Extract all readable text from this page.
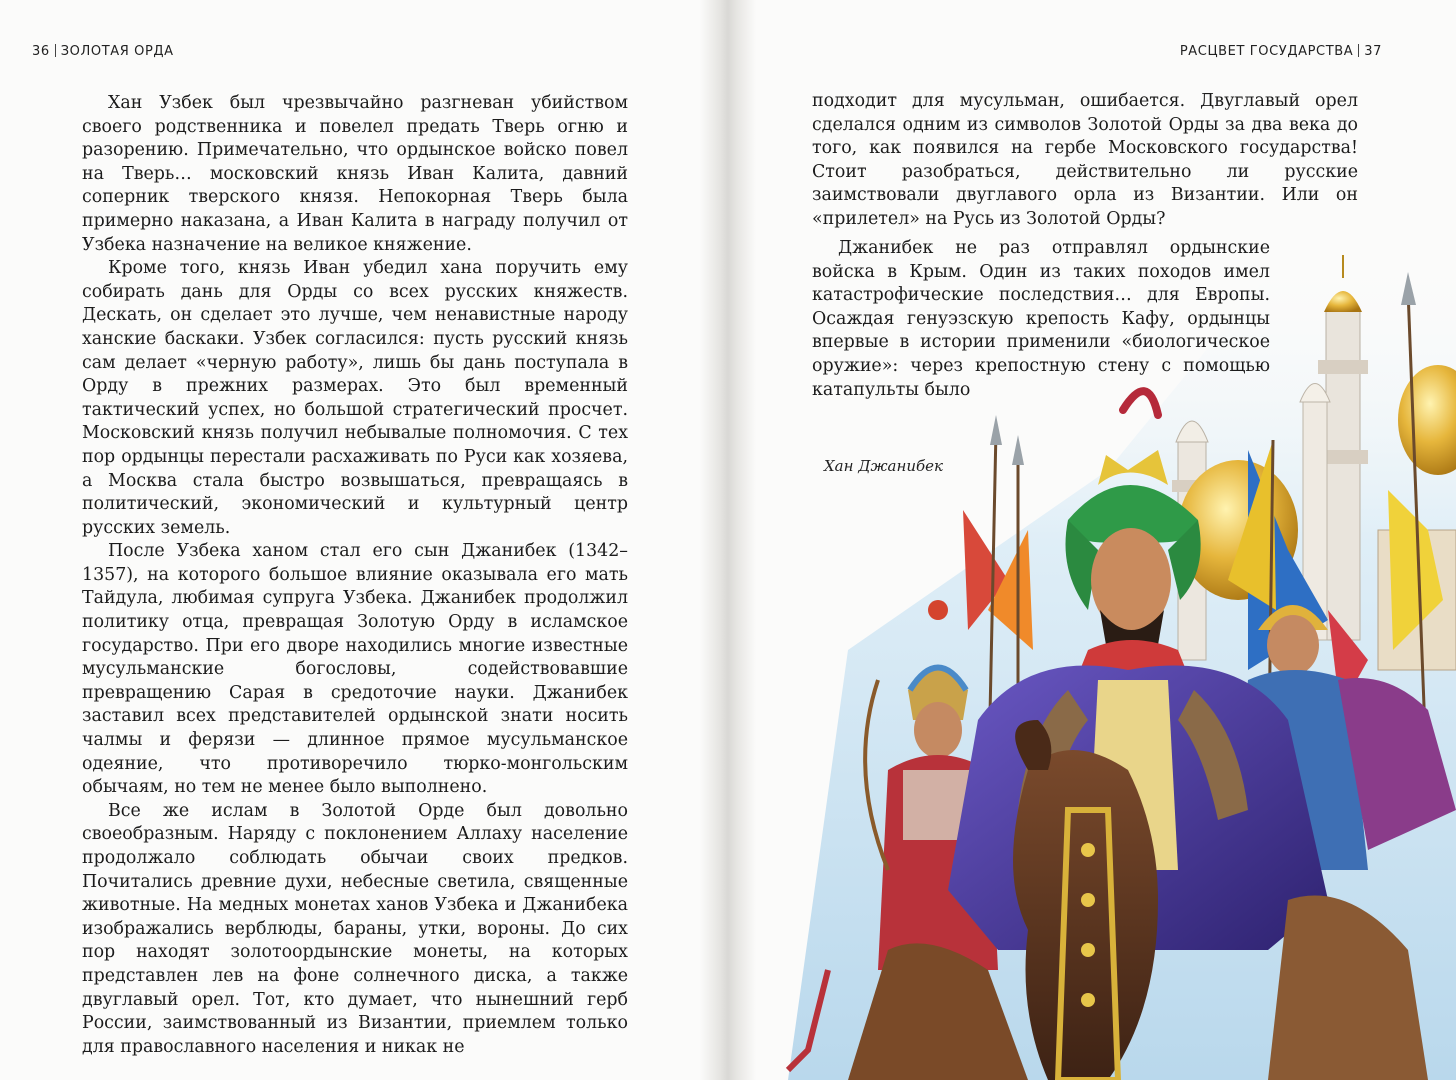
36 ЗОЛОТАЯ ОРДА	РАСЦВЕТ ГОСУДАРСТВА 37

Хан Узбек был чрезвычайно разгневан убийством своего родственника и повелел предать Тверь огню и разорению. Примечательно, что ордынское войско повел на Тверь… московский князь Иван Калита, давний соперник тверского князя. Непокорная Тверь была примерно наказана, а Иван Калита в награду получил от Узбека назначение на великое княжение.

Кроме того, князь Иван убедил хана поручить ему собирать дань для Орды со всех русских княжеств. Дескать, он сделает это лучше, чем ненавистные народу ханские баскаки. Узбек согласился: пусть русский князь сам делает «черную работу», лишь бы дань поступала в Орду в прежних размерах. Это был временный тактический успех, но большой стратегический просчет. Московский князь получил небывалые полномочия. С тех пор ордынцы перестали расхаживать по Руси как хозяева, а Москва стала быстро возвышаться, превращаясь в политический, экономический и культурный центр русских земель.

После Узбека ханом стал его сын Джанибек (1342–1357), на которого большое влияние оказывала его мать Тайдула, любимая супруга Узбека. Джанибек продолжил политику отца, превращая Золотую Орду в исламское государство. При его дворе находились многие известные мусульманские богословы, содействовавшие превращению Сарая в средоточие науки. Джанибек заставил всех представителей ордынской знати носить чалмы и ферязи — длинное прямое мусульманское одеяние, что противоречило тюрко-монгольским обычаям, но тем не менее было выполнено.

Все же ислам в Золотой Орде был довольно своеобразным. Наряду с поклонением Аллаху население продолжало соблюдать обычаи своих предков. Почитались древние духи, небесные светила, священные животные. На медных монетах ханов Узбека и Джанибека изображались верблюды, бараны, утки, вороны. До сих пор находят золотоордынские монеты, на которых представлен лев на фоне солнечного диска, а также двуглавый орел. Тот, кто думает, что нынешний герб России, заимствованный из Византии, приемлем только для православного населения и никак не

подходит для мусульман, ошибается. Двуглавый орел сделался одним из символов Золотой Орды за два века до того, как появился на гербе Московского государства! Стоит разобраться, действительно ли русские заимствовали двуглавого орла из Византии. Или он «прилетел» на Русь из Золотой Орды?

Джанибек не раз отправлял ордынские войска в Крым. Один из таких походов имел катастрофические последствия… для Европы. Осаждая генуэзскую крепость Кафу, ордынцы впервые в истории применили «биологическое оружие»: через крепостную стену с помощью катапульты было

Хан Джанибек
